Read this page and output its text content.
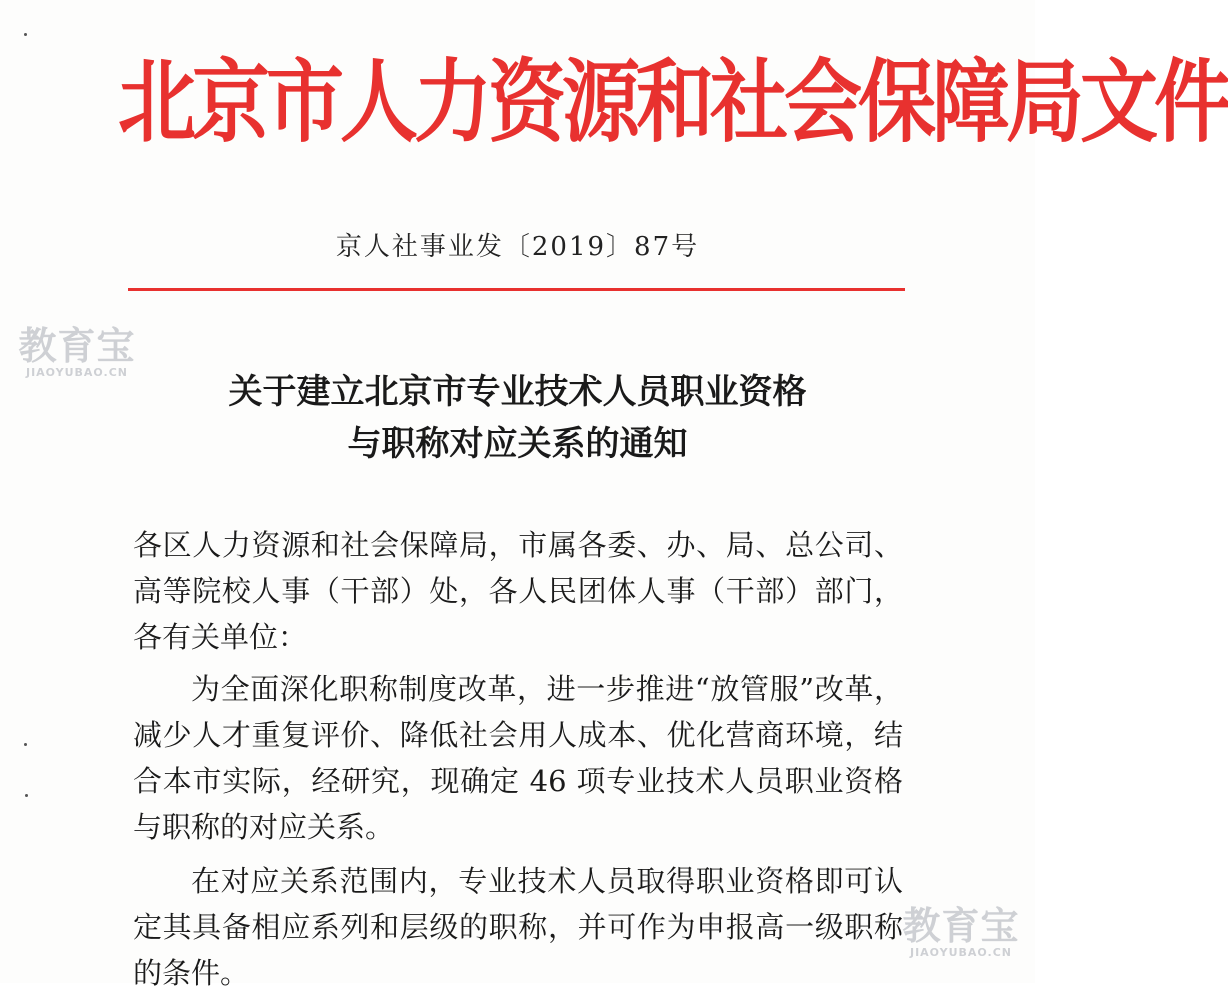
北京市人力资源和社会保障局文件
京人社事业发〔2019〕87号
教育宝
JIAOYUBAO.CN	关于建立北京市专业技术人员职业资格
与职称对应关系的通知

各区人力资源和社会保障局，市属各委、办、局、总公司、高等院校人事（干部）处，各人民团体人事（干部）部门，各有关单位：

为全面深化职称制度改革，进一步推进“放管服”改革，减少人才重复评价、降低社会用人成本、优化营商环境，结合本市实际，经研究，现确定 46 项专业技术人员职业资格与职称的对应关系。

在对应关系范围内，专业技术人员取得职业资格即可认定其具备相应系列和层级的职称，并可作为申报高一级职称的条件。

教育宝
JIAOYUBAO.CN
